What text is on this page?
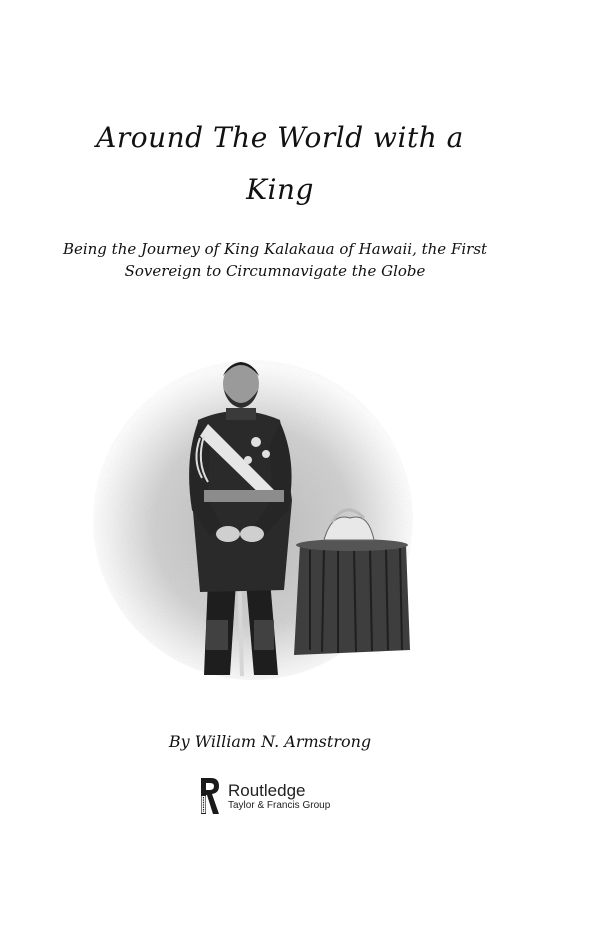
Around The World with a King

Being the Journey of King Kalakaua of Hawaii, the First Sovereign to Circumnavigate the Globe

By William N. Armstrong

Routledge
Taylor & Francis Group
